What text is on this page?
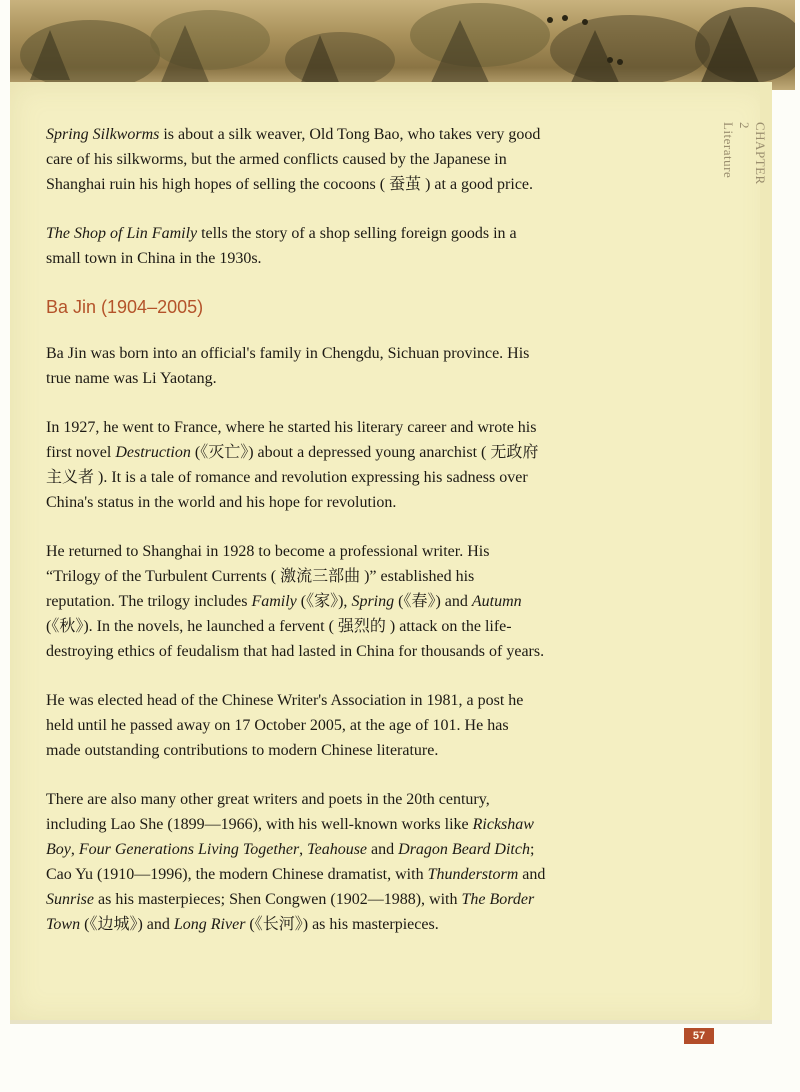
CHAPTER 2
Literature

Spring Silkworms is about a silk weaver, Old Tong Bao, who takes very good care of his silkworms, but the armed conflicts caused by the Japanese in Shanghai ruin his high hopes of selling the cocoons ( 蚕茧 ) at a good price.

The Shop of Lin Family tells the story of a shop selling foreign goods in a small town in China in the 1930s.

Ba Jin (1904–2005)

Ba Jin was born into an official's family in Chengdu, Sichuan province. His true name was Li Yaotang.

In 1927, he went to France, where he started his literary career and wrote his first novel Destruction (《灭亡》) about a depressed young anarchist ( 无政府主义者 ). It is a tale of romance and revolution expressing his sadness over China's status in the world and his hope for revolution.

He returned to Shanghai in 1928 to become a professional writer. His “Trilogy of the Turbulent Currents ( 激流三部曲 )” established his reputation. The trilogy includes Family (《家》), Spring (《春》) and Autumn (《秋》). In the novels, he launched a fervent ( 强烈的 ) attack on the life-destroying ethics of feudalism that had lasted in China for thousands of years.

He was elected head of the Chinese Writer's Association in 1981, a post he held until he passed away on 17 October 2005, at the age of 101. He has made outstanding contributions to modern Chinese literature.

There are also many other great writers and poets in the 20th century, including Lao She (1899—1966), with his well-known works like Rickshaw Boy, Four Generations Living Together, Teahouse and Dragon Beard Ditch; Cao Yu (1910—1996), the modern Chinese dramatist, with Thunderstorm and Sunrise as his masterpieces; Shen Congwen (1902—1988), with The Border Town (《边城》) and Long River (《长河》) as his masterpieces.

57
